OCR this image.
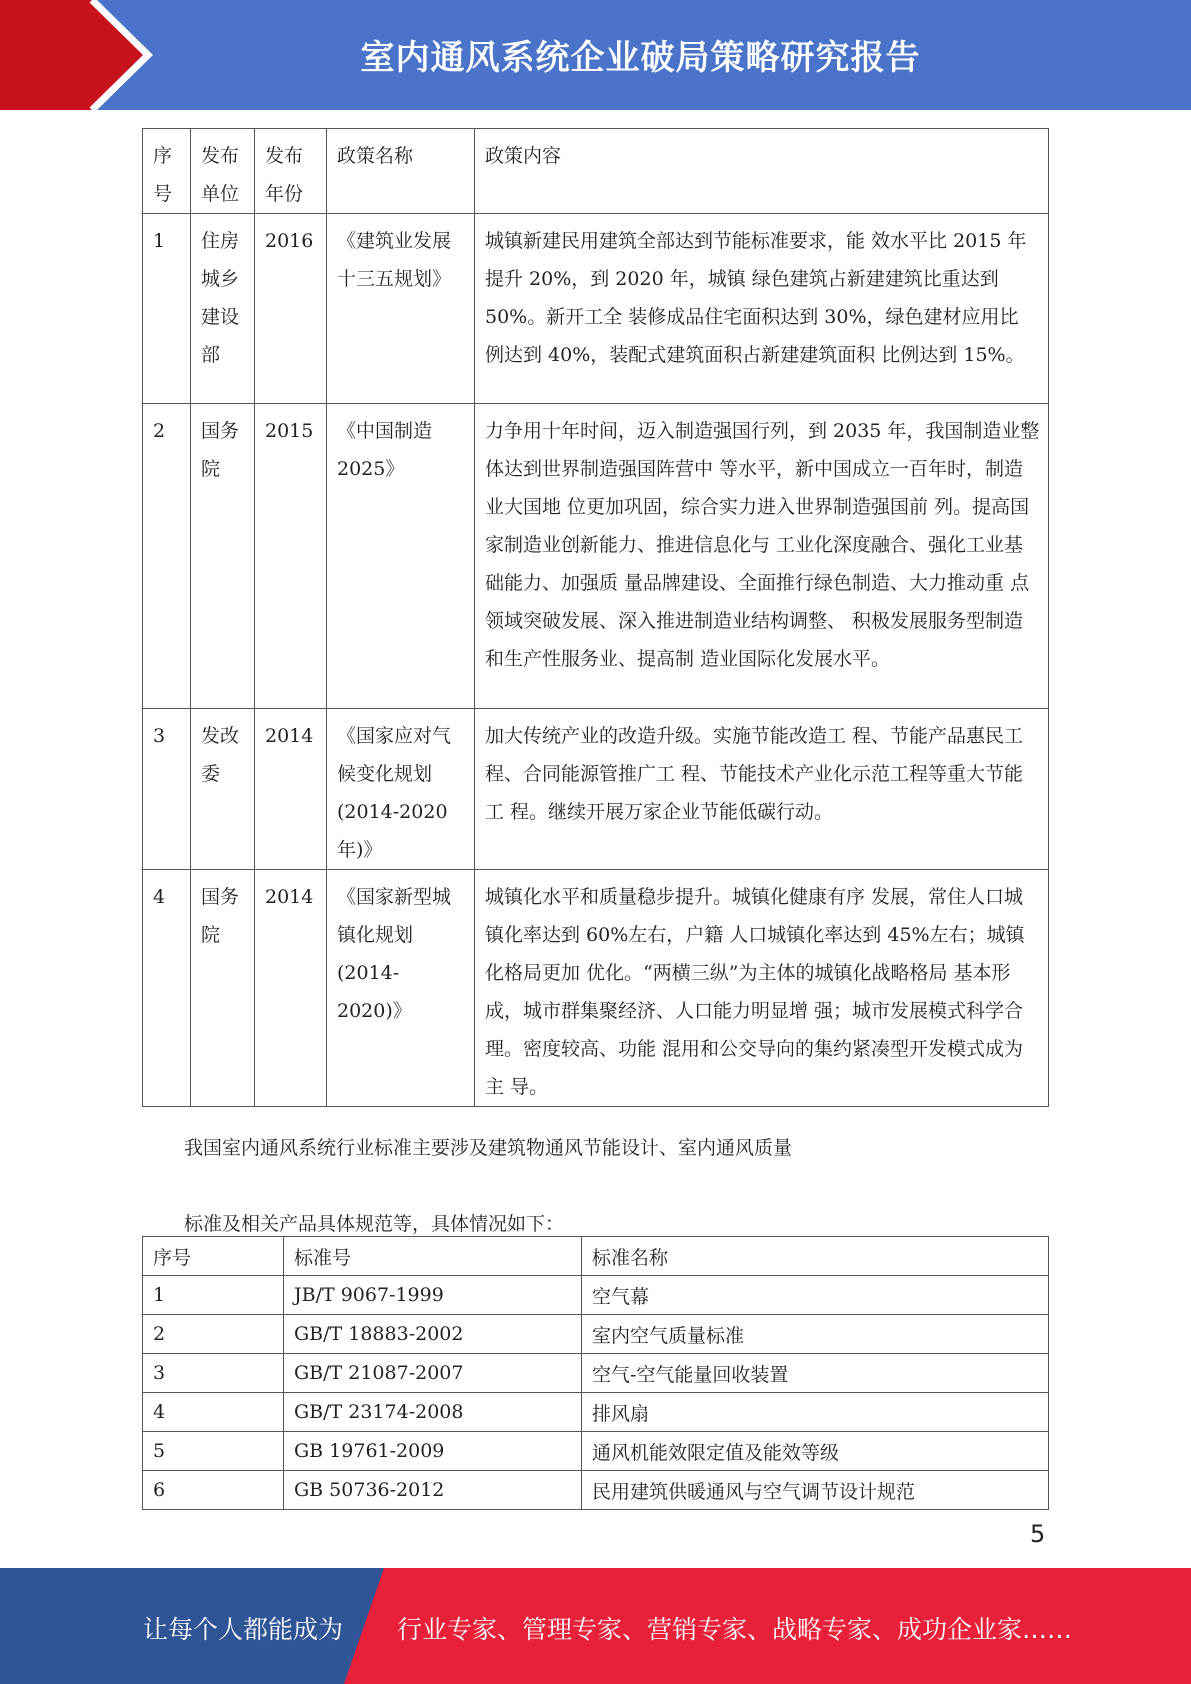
室内通风系统企业破局策略研究报告
序号	发布单位	发布年份	政策名称	政策内容
1	住房城乡建设部	2016	《建筑业发展十三五规划》	城镇新建民用建筑全部达到节能标准要求，能 效水平比 2015 年提升 20%，到 2020 年，城镇 绿色建筑占新建建筑比重达到 50%。新开工全 装修成品住宅面积达到 30%，绿色建材应用比 例达到 40%，装配式建筑面积占新建建筑面积 比例达到 15%。
2	国务院	2015	《中国制造2025》	力争用十年时间，迈入制造强国行列，到 2035 年，我国制造业整体达到世界制造强国阵营中 等水平，新中国成立一百年时，制造业大国地 位更加巩固，综合实力进入世界制造强国前 列。提高国家制造业创新能力、推进信息化与 工业化深度融合、强化工业基础能力、加强质 量品牌建设、全面推行绿色制造、大力推动重 点领域突破发展、深入推进制造业结构调整、 积极发展服务型制造和生产性服务业、提高制 造业国际化发展水平。
3	发改委	2014	《国家应对气候变化规划(2014-2020年)》	加大传统产业的改造升级。实施节能改造工 程、节能产品惠民工程、合同能源管推广工 程、节能技术产业化示范工程等重大节能工 程。继续开展万家企业节能低碳行动。
4	国务院	2014	《国家新型城镇化规划(2014-2020)》	城镇化水平和质量稳步提升。城镇化健康有序 发展，常住人口城镇化率达到 60%左右，户籍 人口城镇化率达到 45%左右；城镇化格局更加 优化。“两横三纵”为主体的城镇化战略格局 基本形成，城市群集聚经济、人口能力明显增 强；城市发展模式科学合理。密度较高、功能 混用和公交导向的集约紧凑型开发模式成为主 导。
我国室内通风系统行业标准主要涉及建筑物通风节能设计、室内通风质量
标准及相关产品具体规范等，具体情况如下：
序号	标准号	标准名称
1	JB/T 9067-1999	空气幕
2	GB/T 18883-2002	室内空气质量标准
3	GB/T 21087-2007	空气-空气能量回收装置
4	GB/T 23174-2008	排风扇
5	GB 19761-2009	通风机能效限定值及能效等级
6	GB 50736-2012	民用建筑供暖通风与空气调节设计规范
5
让每个人都能成为 行业专家、管理专家、营销专家、战略专家、成功企业家……
